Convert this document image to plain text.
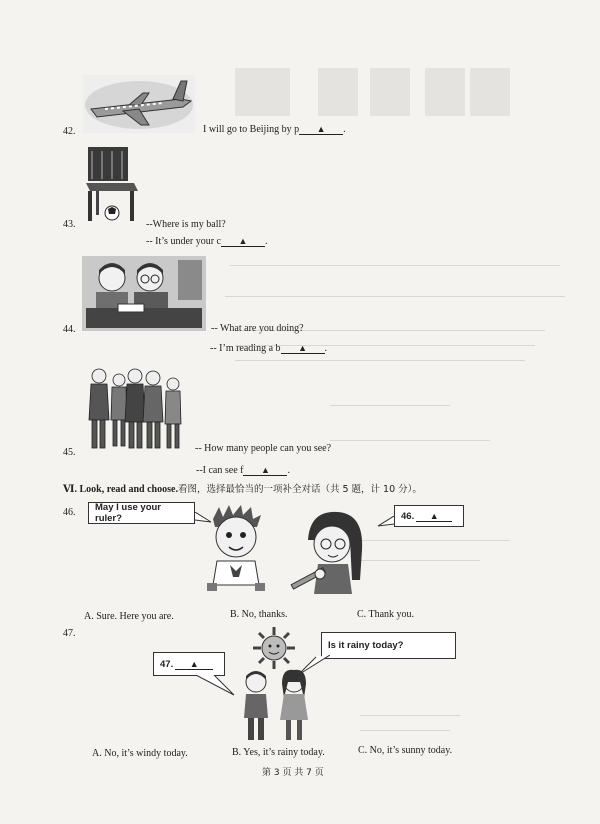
42.	I will go to Beijing by p ▲ .
43.	--Where is my ball?
-- It’s under your c ▲ .
44.	-- What are you doing?
-- I’m reading a b ▲ .
45.	-- How many people can you see?
--I can see f ▲ .
Ⅵ. Look, read and choose.看图，选择最恰当的一项补全对话（共 5 题，计 10 分）。
46. May I use your ruler?	46.	▲
A. Sure. Here you are.	B. No, thanks.	C. Thank you.
47.
Is it rainy today?
47.	▲
A. No, it’s windy today.	B. Yes, it’s rainy today.	C. No, it’s sunny today.
第 3 页 共 7 页
